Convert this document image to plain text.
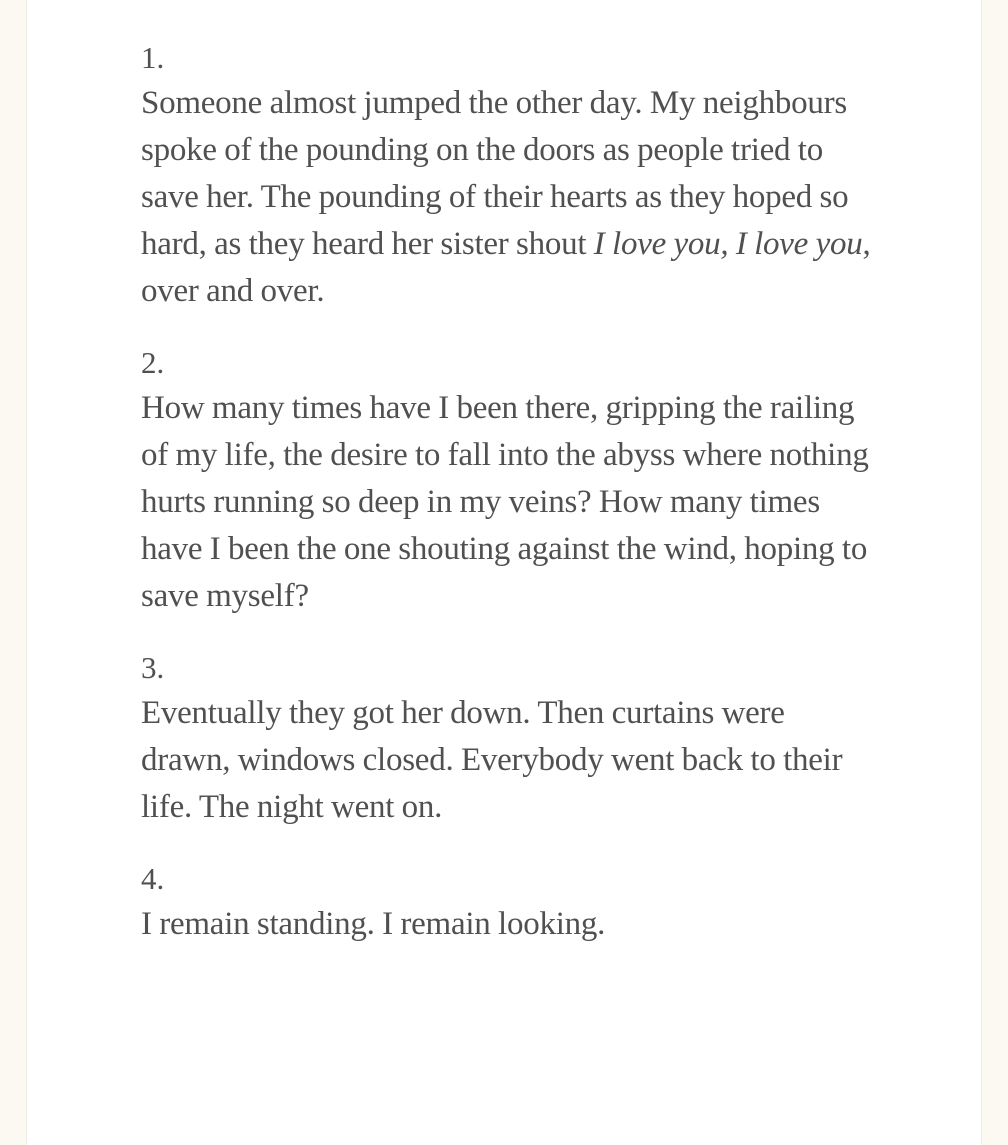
1.

Someone almost jumped the other day. My neighbours spoke of the pounding on the doors as people tried to save her. The pounding of their hearts as they hoped so hard, as they heard her sister shout I love you, I love you, over and over.

2.

How many times have I been there, gripping the railing of my life, the desire to fall into the abyss where nothing hurts running so deep in my veins? How many times have I been the one shouting against the wind, hoping to save myself?

3.

Eventually they got her down. Then curtains were drawn, windows closed. Everybody went back to their life. The night went on.

4.

I remain standing. I remain looking.
